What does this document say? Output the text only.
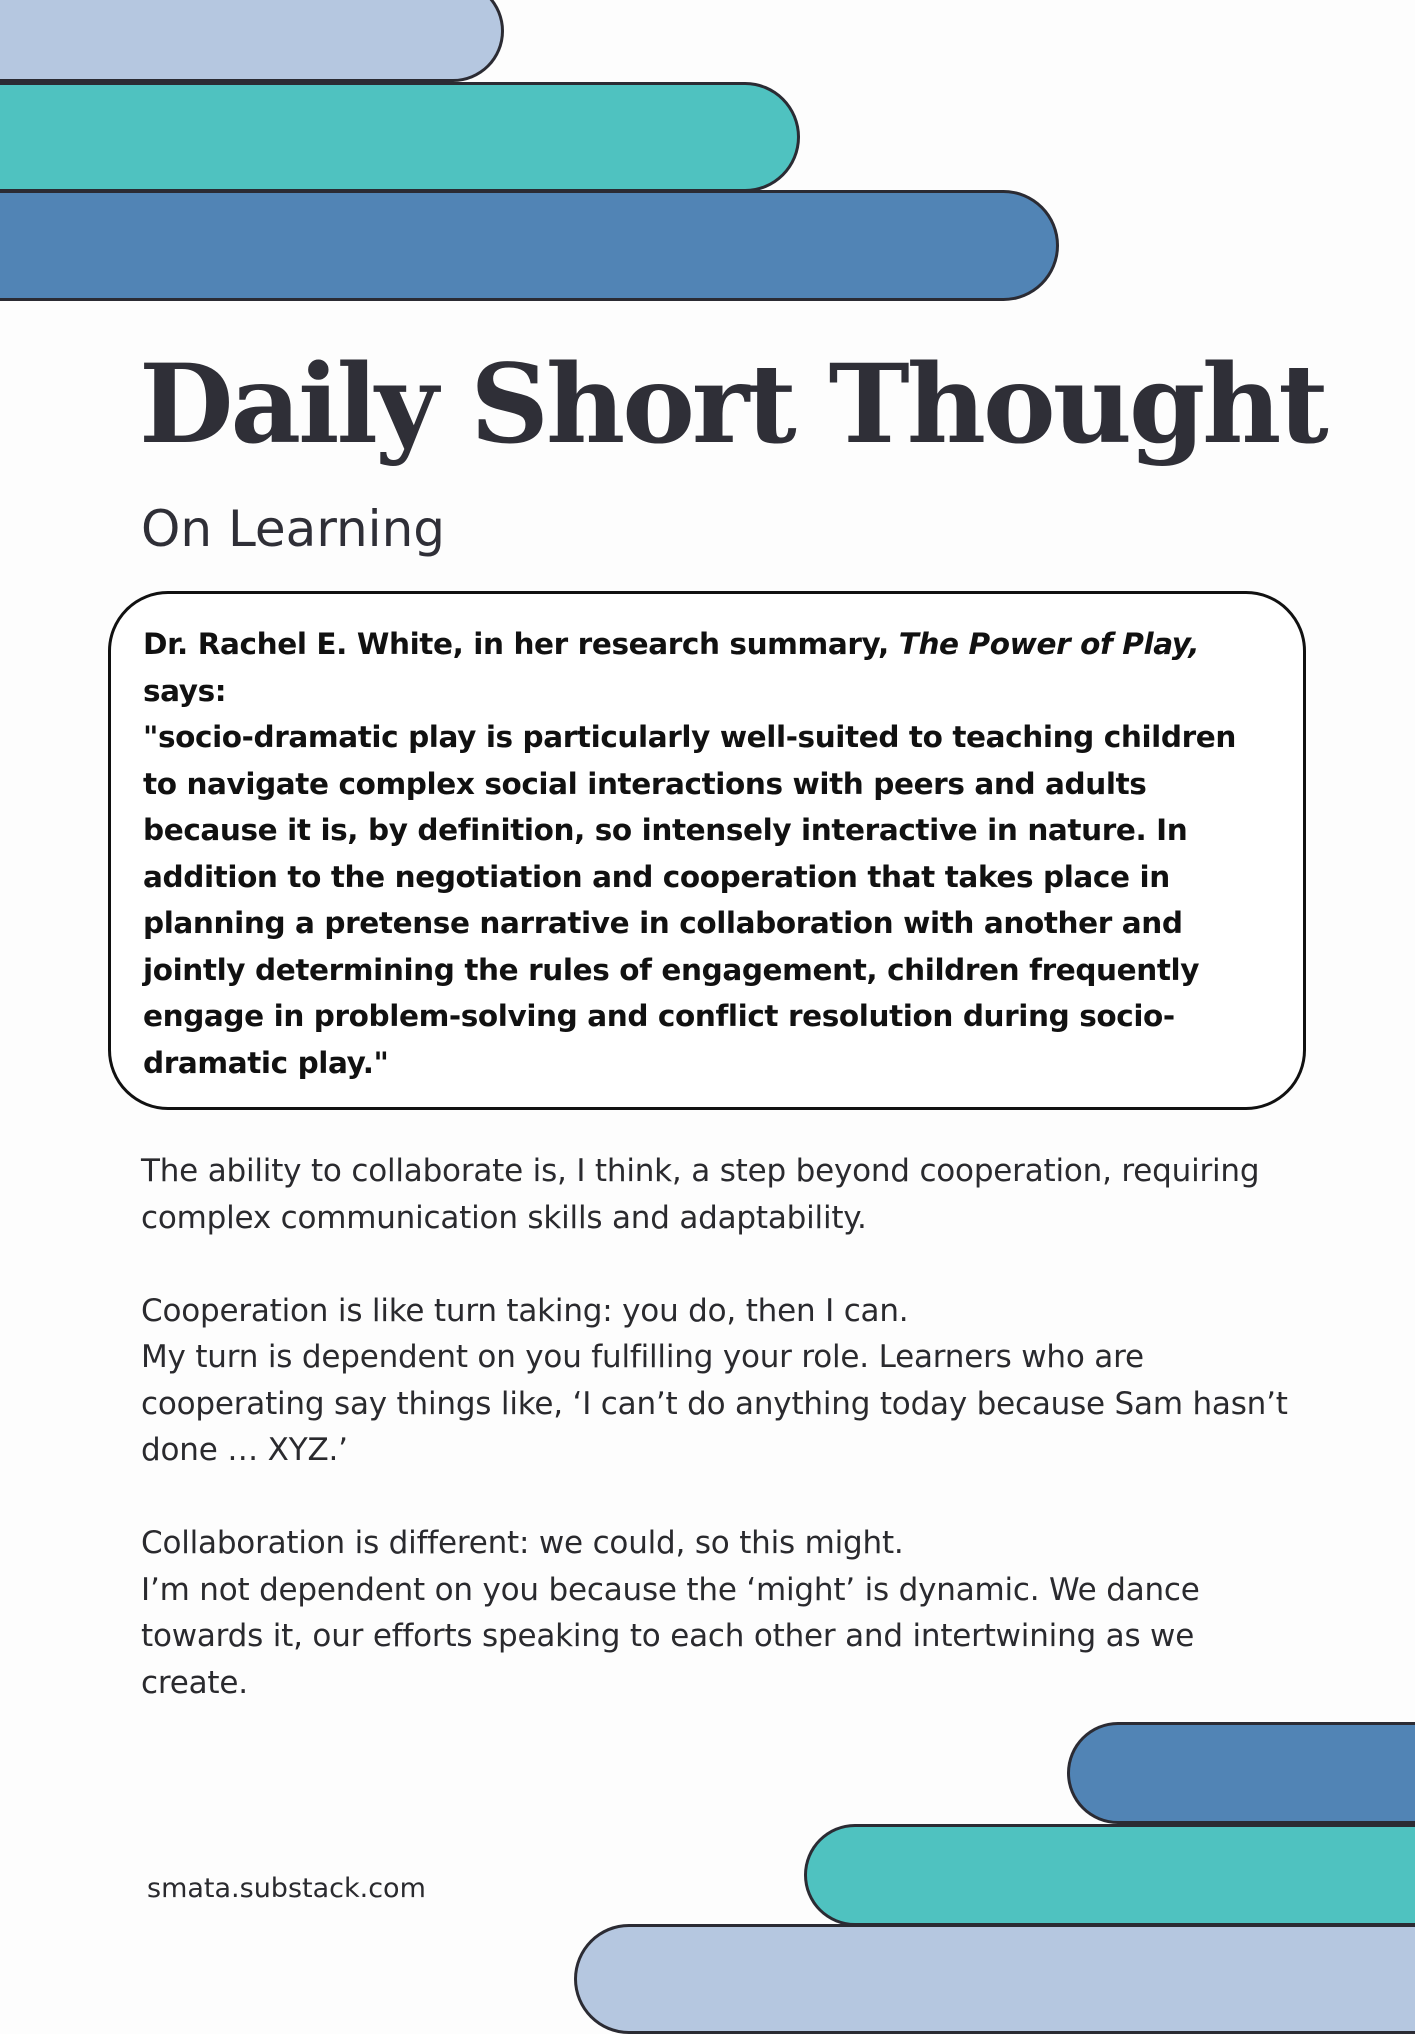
Daily Short Thought
On Learning

Dr. Rachel E. White, in her research summary, The Power of Play, says:

"socio-dramatic play is particularly well-suited to teaching children to navigate complex social interactions with peers and adults because it is, by definition, so intensely interactive in nature. In addition to the negotiation and cooperation that takes place in planning a pretense narrative in collaboration with another and jointly determining the rules of engagement, children frequently engage in problem-solving and conflict resolution during socio-dramatic play."

The ability to collaborate is, I think, a step beyond cooperation, requiring complex communication skills and adaptability.

Cooperation is like turn taking: you do, then I can.
My turn is dependent on you fulfilling your role. Learners who are cooperating say things like, ‘I can’t do anything today because Sam hasn’t done … XYZ.’

Collaboration is different: we could, so this might.
I’m not dependent on you because the ‘might’ is dynamic. We dance towards it, our efforts speaking to each other and intertwining as we create.

smata.substack.com
